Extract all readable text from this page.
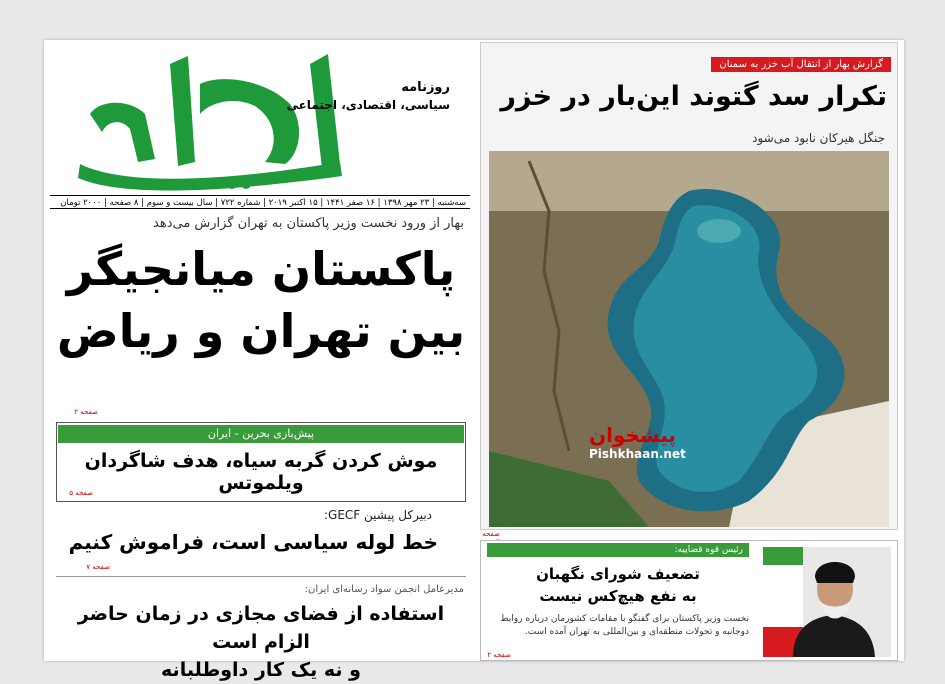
بهار
روزنامه
سیاسی، اقتصادی، اجتماعی
سه‌شنبه | ۲۳ مهر ۱۳۹۸ | ۱۶ صفر ۱۴۴۱ | ۱۵ اکتبر ۲۰۱۹ | شماره ۷۲۲ | سال بیست و سوم | ۸ صفحه | ۲۰۰۰ تومان
بهار از ورود نخست وزیر پاکستان به تهران گزارش می‌دهد
پاکستان میانجیگر
بین تهران و ریاض
صفحه ۲
پیش‌بازی بحرین - ایران
موش کردن گربه سیاه، هدف شاگردان ویلموتس
صفحه ۵
دبیرکل پیشین GECF:
خط لوله سیاسی است، فراموش کنیم
صفحه ۷
مدیرعامل انجمن سواد رسانه‌ای ایران:
استفاده از فضای مجازی در زمان حاضر الزام است
و نه یک کار داوطلبانه
گزارش بهار از انتقال آب خزر به سمنان
تکرار سد گتوند این‌بار در خزر
جنگل هیرکان نابود می‌شود
پیشخوان
Pishkhaan.net
صفحه
رئیس قوه قضاییه:
تضعیف شورای نگهبان
به نفع هیچ‌کس نیست
نخست وزیر پاکستان برای گفتگو با مقامات کشورمان درباره روابط دوجانبه و تحولات منطقه‌ای و بین‌المللی به تهران آمده است.
صفحه ۲
